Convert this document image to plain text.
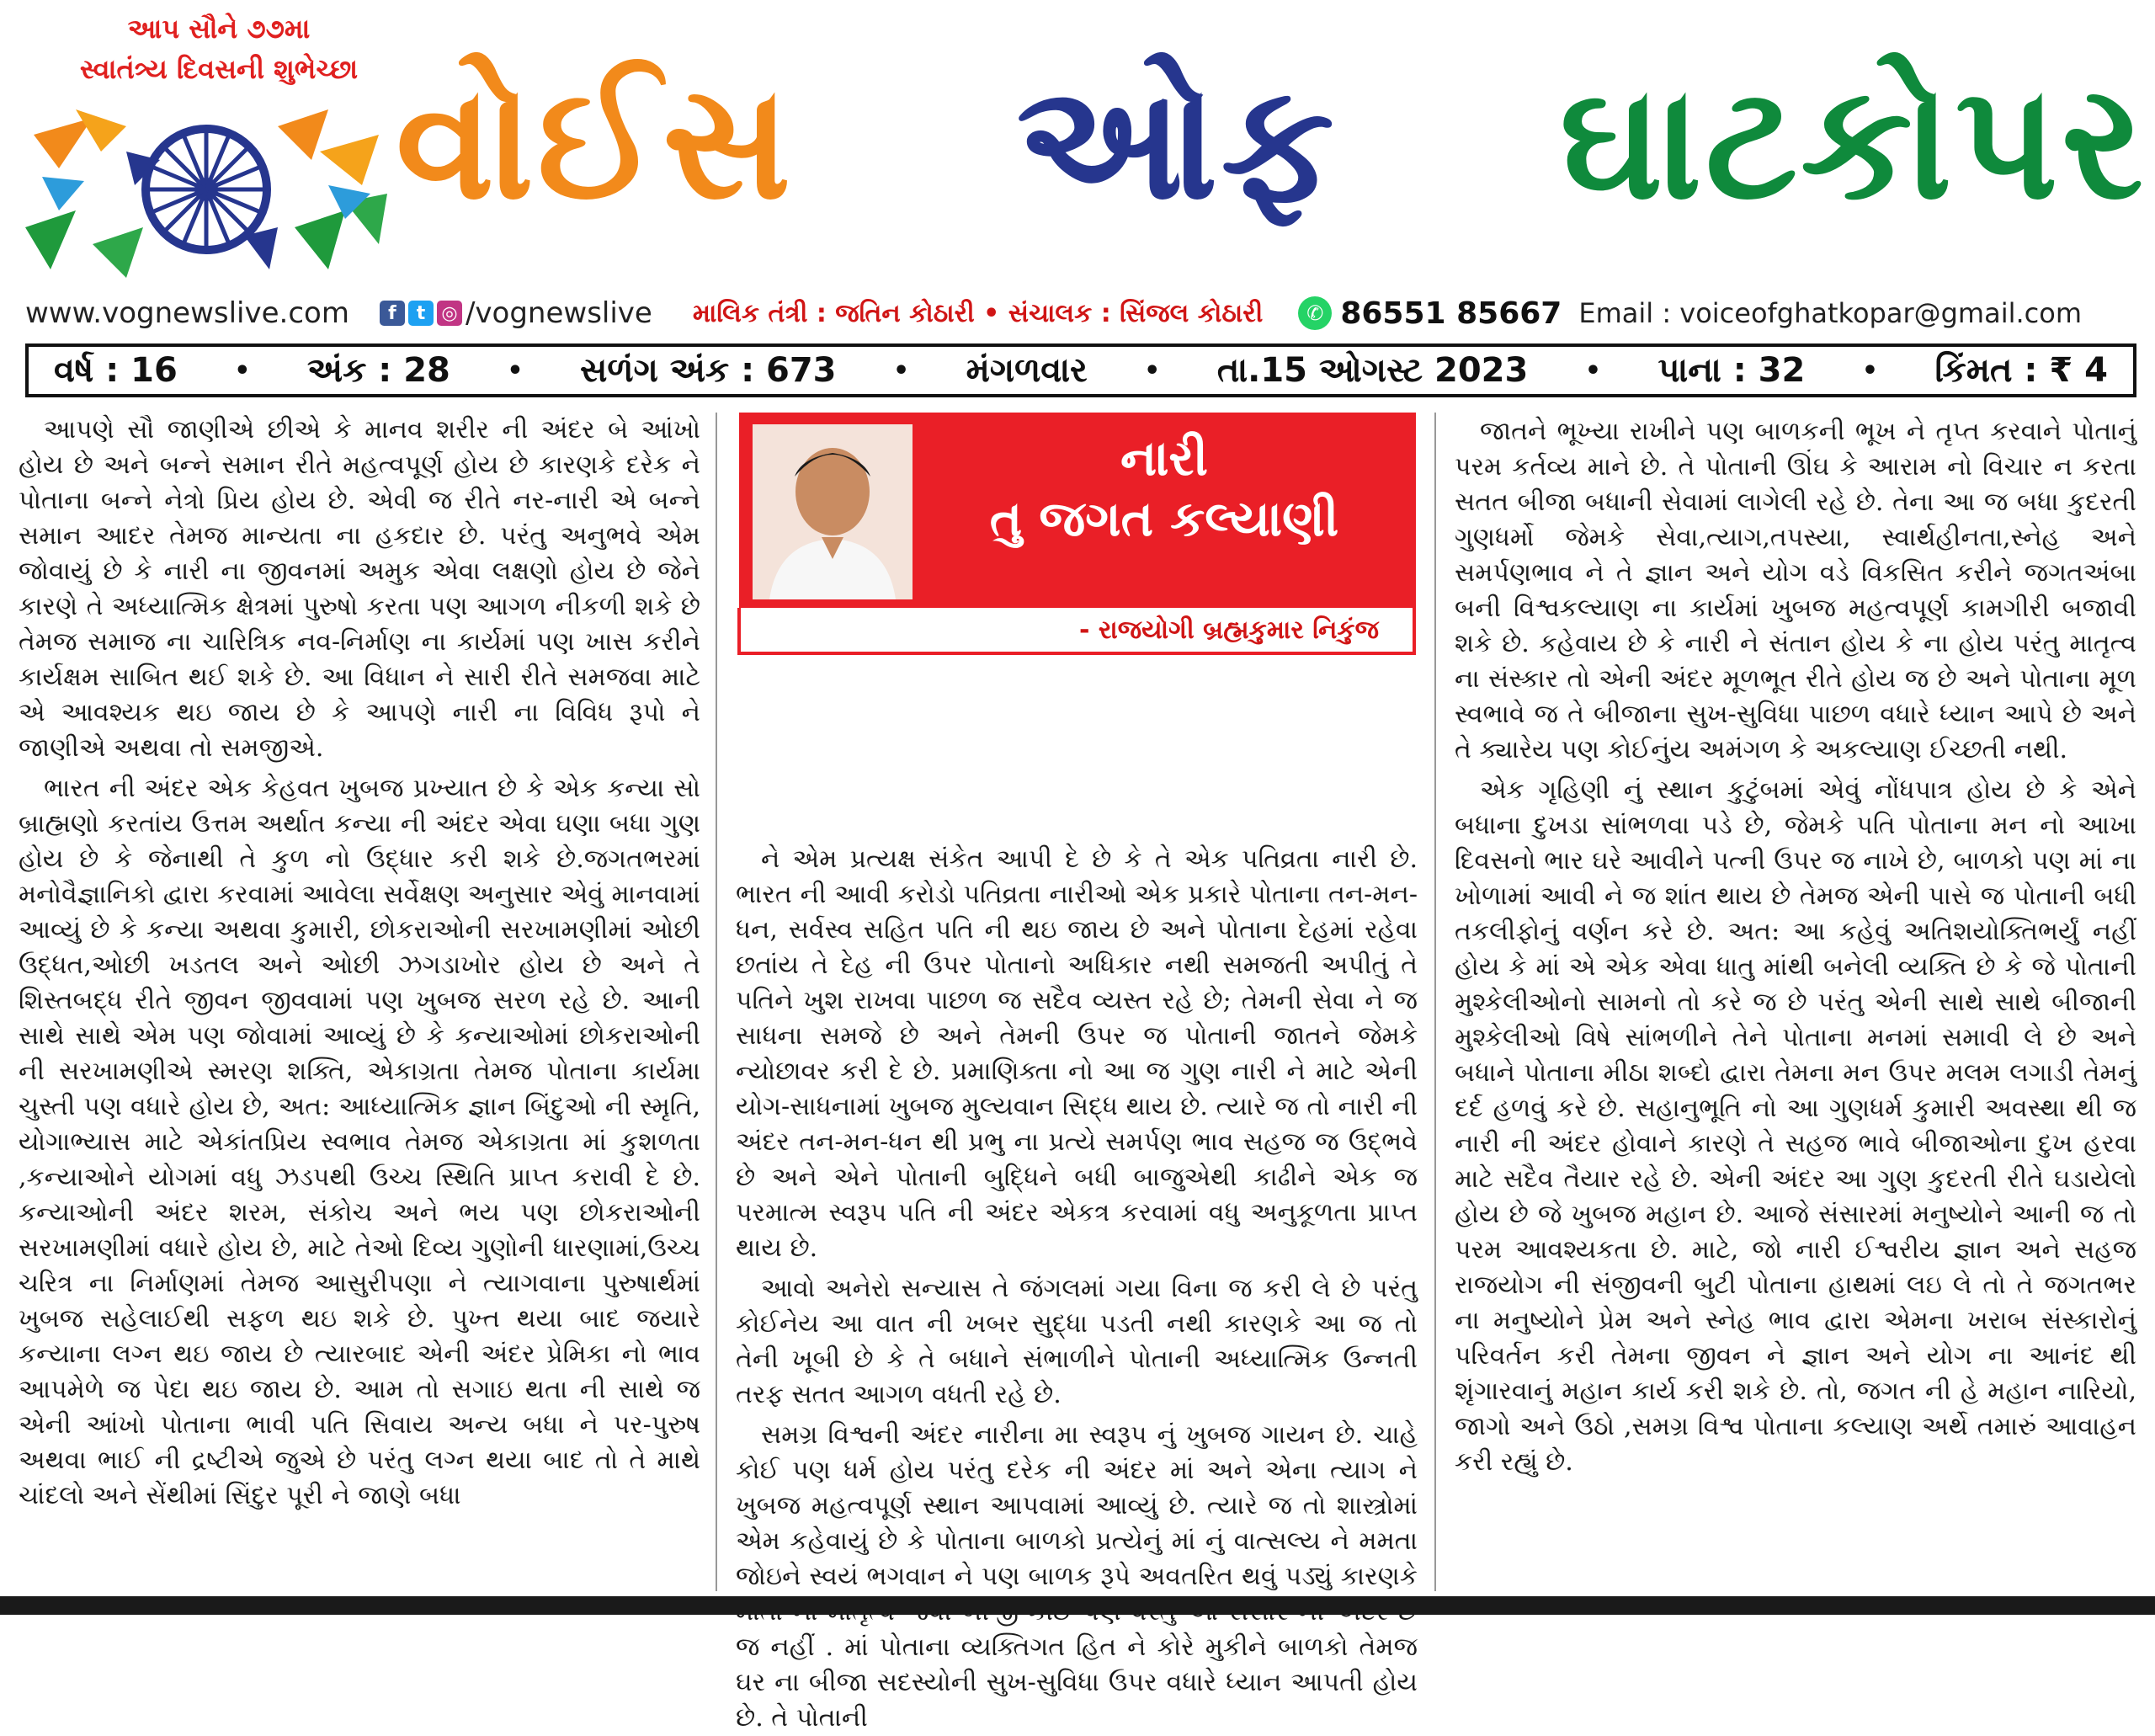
આપ સૌને ૭૭મા
સ્વાતંત્ર્ય દિવસની શુભેચ્છા વોઈસ ઓફ ઘાટકોપર
www.vognewslive.com	f	t ◎ /vognewslive માલિક તંત્રી : જતિન કોઠારી • સંચાલક : સિંજલ કોઠારી	✆ 86551 85667 Email : voiceofghatkopar@gmail.com
વર્ષ : 16 • અંક : 28 • સળંગ અંક : 673 • મંગળવાર • તા.15 ઓગસ્ટ 2023 • પાના : 32 • કિંમત : ₹ 4

આપણે સૌ જાણીએ છીએ કે માનવ શરીર ની અંદર બે આંખો હોય છે અને બન્ને સમાન રીતે મહત્વપૂર્ણ હોય છે કારણકે દરેક ને પોતાના બન્ને નેત્રો પ્રિય હોય છે. એવી જ રીતે નર-નારી એ બન્ને સમાન આદર તેમજ માન્યતા ના હકદાર છે. પરંતુ અનુભવે એમ જોવાયું છે કે નારી ના જીવનમાં અમુક એવા લક્ષણો હોય છે જેને કારણે તે અધ્યાત્મિક ક્ષેત્રમાં પુરુષો કરતા પણ આગળ નીકળી શકે છે તેમજ સમાજ ના ચારિત્રિક નવ-નિર્માણ ના કાર્યમાં પણ ખાસ કરીને કાર્યક્ષમ સાબિત થઈ શકે છે. આ વિધાન ને સારી રીતે સમજવા માટે એ આવશ્યક થઇ જાય છે કે આપણે નારી ના વિવિધ રૂપો ને જાણીએ અથવા તો સમજીએ.

ભારત ની અંદર એક કેહવત ખુબજ પ્રખ્યાત છે કે એક કન્યા સો બ્રાહ્મણો કરતાંય ઉત્તમ અર્થાત કન્યા ની અંદર એવા ઘણા બધા ગુણ હોય છે કે જેનાથી તે કુળ નો ઉદ્ધાર કરી શકે છે.જગતભરમાં મનોવૈજ્ઞાનિકો દ્વારા કરવામાં આવેલા સર્વેક્ષણ અનુસાર એવું માનવામાં આવ્યું છે કે કન્યા અથવા કુમારી, છોકરાઓની સરખામણીમાં ઓછી ઉદ્ધત,ઓછી ખડતલ અને ઓછી ઝગડાખોર હોય છે અને તે શિસ્તબદ્ધ રીતે જીવન જીવવામાં પણ ખુબજ સરળ રહે છે. આની સાથે સાથે એમ પણ જોવામાં આવ્યું છે કે કન્યાઓમાં છોકરાઓની ની સરખામણીએ સ્મરણ શક્તિ, એકાગ્રતા તેમજ પોતાના કાર્યમા ચુસ્તી પણ વધારે હોય છે, અત: આધ્યાત્મિક જ્ઞાન બિંદુઓ ની સ્મૃતિ, યોગાભ્યાસ માટે એકાંતપ્રિય સ્વભાવ તેમજ એકાગ્રતા માં કુશળતા ,કન્યાઓને યોગમાં વધુ ઝડપથી ઉચ્ચ સ્થિતિ પ્રાપ્ત કરાવી દે છે. કન્યાઓની અંદર શરમ, સંકોચ અને ભય પણ છોકરાઓની સરખામણીમાં વધારે હોય છે, માટે તેઓ દિવ્ય ગુણોની ધારણામાં,ઉચ્ચ ચરિત્ર ના નિર્માણમાં તેમજ આસુરીપણા ને ત્યાગવાના પુરુષાર્થમાં ખુબજ સહેલાઈથી સફળ થઇ શકે છે. પુખ્ત થયા બાદ જયારે કન્યાના લગ્ન થઇ જાય છે ત્યારબાદ એની અંદર પ્રેમિકા નો ભાવ આપમેળે જ પેદા થઇ જાય છે. આમ તો સગાઇ થતા ની સાથે જ એની આંખો પોતાના ભાવી પતિ સિવાય અન્ય બધા ને પર-પુરુષ અથવા ભાઈ ની દ્રષ્ટીએ જુએ છે પરંતુ લગ્ન થયા બાદ તો તે માથે ચાંદલો અને સેંથીમાં સિંદુર પૂરી ને જાણે બધા

નારી
તુ જગત કલ્યાણી
- રાજયોગી બ્રહ્મકુમાર નિકુંજ

ને એમ પ્રત્યક્ષ સંકેત આપી દે છે કે તે એક પતિવ્રતા નારી છે. ભારત ની આવી કરોડો પતિવ્રતા નારીઓ એક પ્રકારે પોતાના તન-મન-ધન, સર્વસ્વ સહિત પતિ ની થઇ જાય છે અને પોતાના દેહમાં રહેવા છતાંય તે દેહ ની ઉપર પોતાનો અધિકાર નથી સમજતી અપીતું તે પતિને ખુશ રાખવા પાછળ જ સદૈવ વ્યસ્ત રહે છે; તેમની સેવા ને જ સાધના સમજે છે અને તેમની ઉપર જ પોતાની જાતને જેમકે ન્યોછાવર કરી દે છે. પ્રમાણિક્તા નો આ જ ગુણ નારી ને માટે એની યોગ-સાધનામાં ખુબજ મુલ્યવાન સિદ્ધ થાય છે. ત્યારે જ તો નારી ની અંદર તન-મન-ધન થી પ્રભુ ના પ્રત્યે સમર્પણ ભાવ સહજ જ ઉદ્ભવે છે અને એને પોતાની બુદ્ધિને બધી બાજુએથી કાઢીને એક જ પરમાત્મ સ્વરૂપ પતિ ની અંદર એકત્ર કરવામાં વધુ અનુકૂળતા પ્રાપ્ત થાય છે.

આવો અનેરો સન્યાસ તે જંગલમાં ગયા વિના જ કરી લે છે પરંતુ કોઈનેય આ વાત ની ખબર સુદ્ધા પડતી નથી કારણકે આ જ તો તેની ખૂબી છે કે તે બધાને સંભાળીને પોતાની અધ્યાત્મિક ઉન્નતી તરફ સતત આગળ વધતી રહે છે.

સમગ્ર વિશ્વની અંદર નારીના મા સ્વરૂપ નું ખુબજ ગાયન છે. ચાહે કોઈ પણ ધર્મ હોય પરંતુ દરેક ની અંદર માં અને એના ત્યાગ ને ખુબજ મહત્વપૂર્ણ સ્થાન આપવામાં આવ્યું છે. ત્યારે જ તો શાસ્ત્રોમાં એમ કહેવાયું છે કે પોતાના બાળકો પ્રત્યેનું માં નું વાત્સલ્ય ને મમતા જોઇને સ્વયં ભગવાન ને પણ બાળક રૂપે અવતરિત થવું પડ્યું કારણકે જ નહીં . માં પોતાના વ્યક્તિગત હિત ને કોરે મુકીને બાળકો તેમજ ઘર ના બીજા સદસ્યોની સુખ-સુવિધા ઉપર વધારે ધ્યાન આપતી હોય છે. તે પોતાની

જાતને ભૂખ્યા રાખીને પણ બાળકની ભૂખ ને તૃપ્ત કરવાને પોતાનું પરમ કર્તવ્ય માને છે. તે પોતાની ઊંઘ કે આરામ નો વિચાર ન કરતા સતત બીજા બધાની સેવામાં લાગેલી રહે છે. તેના આ જ બધા કુદરતી ગુણધર્મો જેમકે સેવા,ત્યાગ,તપસ્યા, સ્વાર્થહીનતા,સ્નેહ અને સમર્પણભાવ ને તે જ્ઞાન અને યોગ વડે વિકસિત કરીને જગતઅંબા બની વિશ્વકલ્યાણ ના કાર્યમાં ખુબજ મહત્વપૂર્ણ કામગીરી બજાવી શકે છે. કહેવાય છે કે નારી ને સંતાન હોય કે ના હોય પરંતુ માતૃત્વ ના સંસ્કાર તો એની અંદર મૂળભૂત રીતે હોય જ છે અને પોતાના મૂળ સ્વભાવે જ તે બીજાના સુખ-સુવિધા પાછળ વધારે ધ્યાન આપે છે અને તે ક્યારેય પણ કોઈનુંય અમંગળ કે અકલ્યાણ ઈચ્છતી નથી.

એક ગૃહિણી નું સ્થાન કુટુંબમાં એવું નોંધપાત્ર હોય છે કે એને બધાના દુખડા સાંભળવા પડે છે, જેમકે પતિ પોતાના મન નો આખા દિવસનો ભાર ઘરે આવીને પત્ની ઉપર જ નાખે છે, બાળકો પણ માં ના ખોળામાં આવી ને જ શાંત થાય છે તેમજ એની પાસે જ પોતાની બધી તકલીફોનું વર્ણન કરે છે. અત: આ કહેવું અતિશયોક્તિભર્યું નહીં હોય કે માં એ એક એવા ધાતુ માંથી બનેલી વ્યક્તિ છે કે જે પોતાની મુશ્કેલીઓનો સામનો તો કરે જ છે પરંતુ એની સાથે સાથે બીજાની મુશ્કેલીઓ વિષે સાંભળીને તેને પોતાના મનમાં સમાવી લે છે અને બધાને પોતાના મીઠા શબ્દો દ્વારા તેમના મન ઉપર મલમ લગાડી તેમનું દર્દ હળવું કરે છે. સહાનુભૂતિ નો આ ગુણધર્મ કુમારી અવસ્થા થી જ નારી ની અંદર હોવાને કારણે તે સહજ ભાવે બીજાઓના દુખ હરવા માટે સદૈવ તૈયાર રહે છે. એની અંદર આ ગુણ કુદરતી રીતે ઘડાયેલો હોય છે જે ખુબજ મહાન છે. આજે સંસારમાં મનુષ્યોને આની જ તો પરમ આવશ્યકતા છે. માટે, જો નારી ઈશ્વરીય જ્ઞાન અને સહજ રાજયોગ ની સંજીવની બુટી પોતાના હાથમાં લઇ લે તો તે જગતભર ના મનુષ્યોને પ્રેમ અને સ્નેહ ભાવ દ્વારા એમના ખરાબ સંસ્કારોનું પરિવર્તન કરી તેમના જીવન ને જ્ઞાન અને યોગ ના આનંદ થી શૃંગારવાનું મહાન કાર્ય કરી શકે છે. તો, જગત ની હે મહાન નારિયો, જાગો અને ઉઠો ,સમગ્ર વિશ્વ પોતાના કલ્યાણ અર્થે તમારું આવાહન કરી રહ્યું છે.
